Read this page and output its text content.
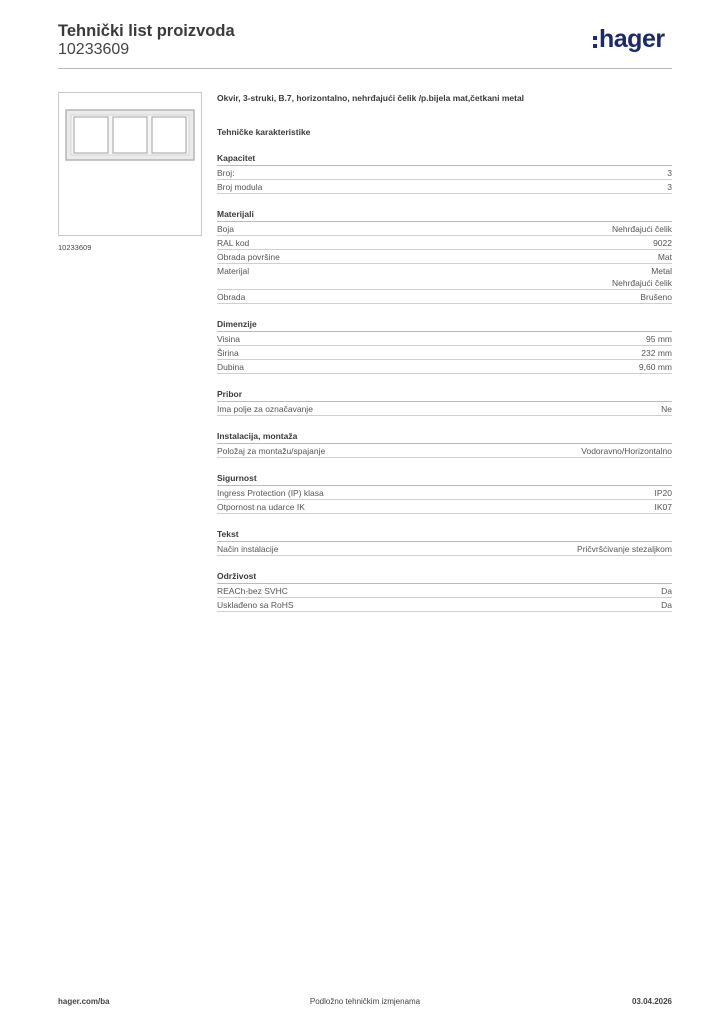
Tehnički list proizvoda
10233609	hager
10233609
Okvir, 3-struki, B.7, horizontalno, nehrđajući čelik /p.bijela mat,četkani metal
Tehničke karakteristike
Kapacitet
Broj:	3
Broj modula	3
Materijali
Boja	Nehrđajući čelik
RAL kod	9022
Obrada površine	Mat
Materijal	Metal
Nehrđajući čelik
Obrada	Brušeno
Dimenzije
Visina	95 mm
Širina	232 mm
Dubina	9,60 mm
Pribor
Ima polje za označavanje	Ne
Instalacija, montaža
Položaj za montažu/spajanje	Vodoravno/Horizontalno
Sigurnost
Ingress Protection (IP) klasa	IP20
Otpornost na udarce IK	IK07
Tekst
Način instalacije	Pričvršćivanje stezaljkom
Održivost
REACh-bez SVHC	Da
Usklađeno sa RoHS	Da
hager.com/ba	Podložno tehničkim izmjenama	03.04.2026
